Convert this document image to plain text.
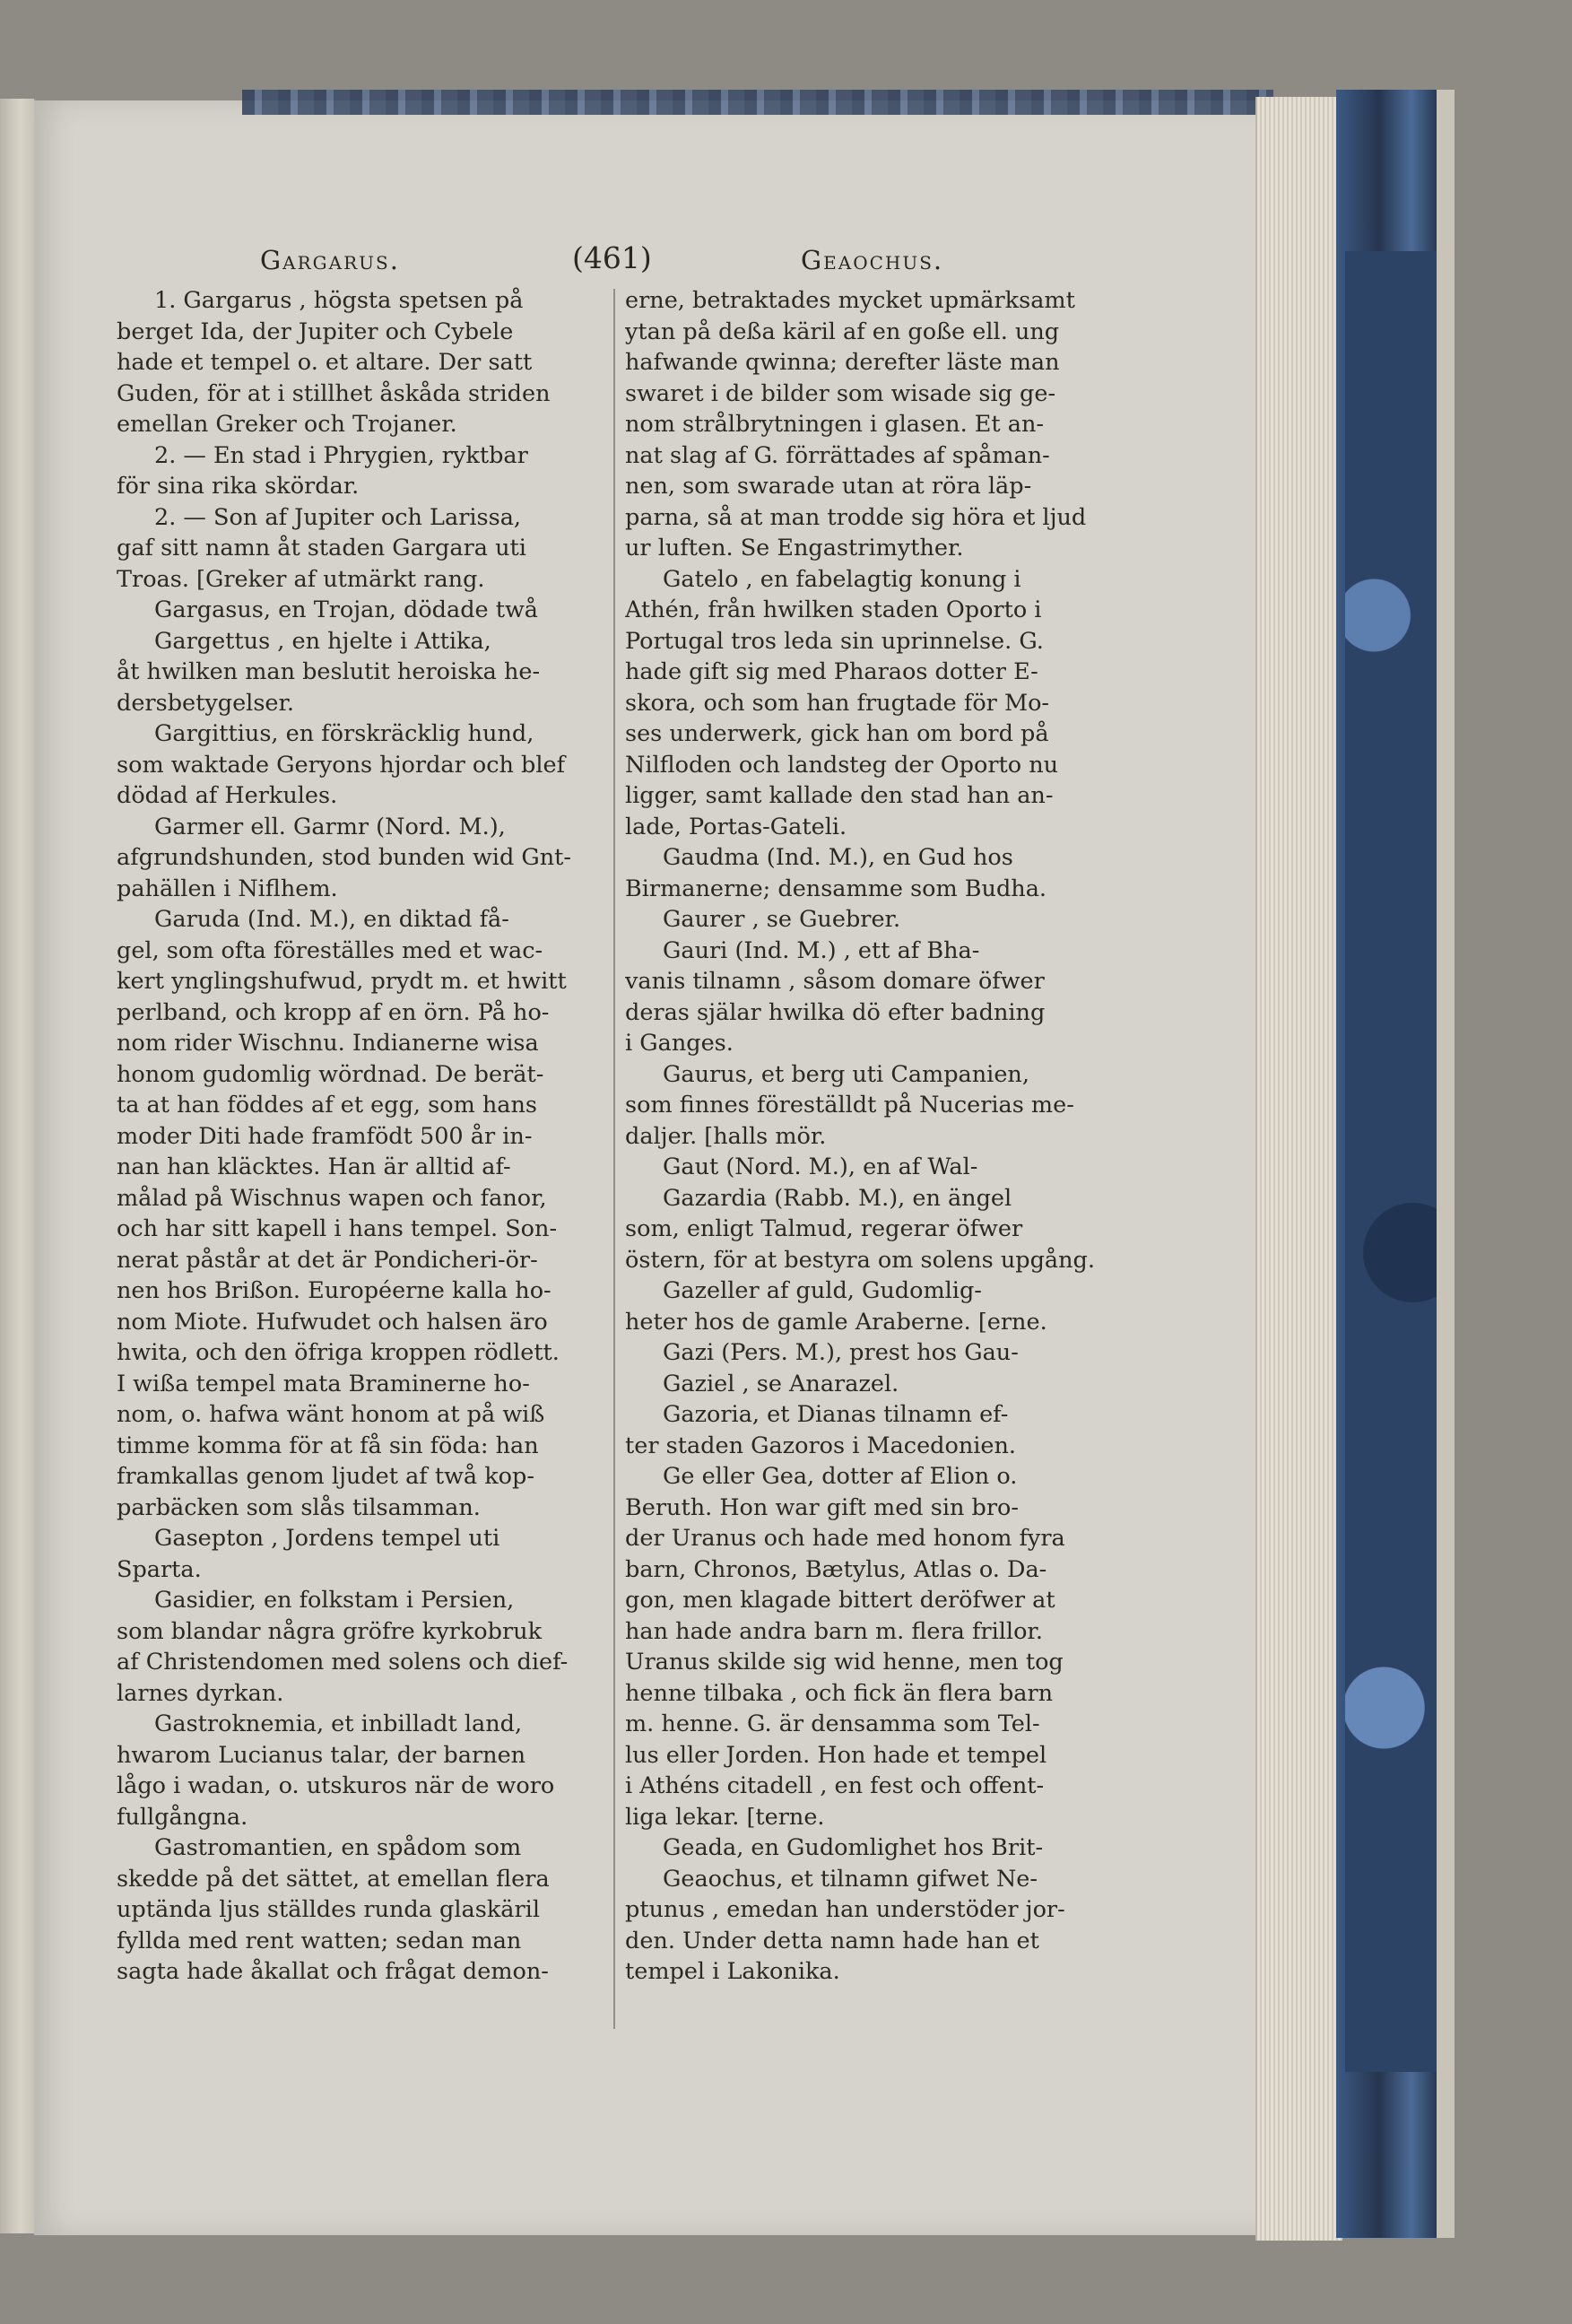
Gargarus.	(461)	Geaochus.
1. Gargarus , högsta spetsen på
berget Ida, der Jupiter och Cybele
hade et tempel o. et altare. Der satt
Guden, för at i stillhet åskåda striden
emellan Greker och Trojaner.
2. — En stad i Phrygien, ryktbar
för sina rika skördar.
2. — Son af Jupiter och Larissa,
gaf sitt namn åt staden Gargara uti
Troas. [Greker af utmärkt rang.
Gargasus, en Trojan, dödade twå
Gargettus , en hjelte i Attika,
åt hwilken man beslutit heroiska he-
dersbetygelser.
Gargittius, en förskräcklig hund,
som waktade Geryons hjordar och blef
dödad af Herkules.
Garmer ell. Garmr (Nord. M.),
afgrundshunden, stod bunden wid Gnt-
pahällen i Niflhem.
Garuda (Ind. M.), en diktad få-
gel, som ofta föreställes med et wac-
kert ynglingshufwud, prydt m. et hwitt
perlband, och kropp af en örn. På ho-
nom rider Wischnu. Indianerne wisa
honom gudomlig wördnad. De berät-
ta at han föddes af et egg, som hans
moder Diti hade framfödt 500 år in-
nan han kläcktes. Han är alltid af-
målad på Wischnus wapen och fanor,
och har sitt kapell i hans tempel. Son-
nerat påstår at det är Pondicheri-ör-
nen hos Brißon. Européerne kalla ho-
nom Miote. Hufwudet och halsen äro
hwita, och den öfriga kroppen rödlett.
I wißa tempel mata Braminerne ho-
nom, o. hafwa wänt honom at på wiß
timme komma för at få sin föda: han
framkallas genom ljudet af twå kop-
parbäcken som slås tilsamman.
Gasepton , Jordens tempel uti
Sparta.
Gasidier, en folkstam i Persien,
som blandar några gröfre kyrkobruk
af Christendomen med solens och dief-
larnes dyrkan.
Gastroknemia, et inbilladt land,
hwarom Lucianus talar, der barnen
lågo i wadan, o. utskuros när de woro
fullgångna.
Gastromantien, en spådom som
skedde på det sättet, at emellan flera
uptända ljus ställdes runda glaskäril
fyllda med rent watten; sedan man
sagta hade åkallat och frågat demon-
erne, betraktades mycket upmärksamt
ytan på deßa käril af en goße ell. ung
hafwande qwinna; derefter läste man
swaret i de bilder som wisade sig ge-
nom strålbrytningen i glasen. Et an-
nat slag af G. förrättades af spåman-
nen, som swarade utan at röra läp-
parna, så at man trodde sig höra et ljud
ur luften. Se Engastrimyther.
Gatelo , en fabelagtig konung i
Athén, från hwilken staden Oporto i
Portugal tros leda sin uprinnelse. G.
hade gift sig med Pharaos dotter E-
skora, och som han frugtade för Mo-
ses underwerk, gick han om bord på
Nilfloden och landsteg der Oporto nu
ligger, samt kallade den stad han an-
lade, Portas-Gateli.
Gaudma (Ind. M.), en Gud hos
Birmanerne; densamme som Budha.
Gaurer , se Guebrer.
Gauri (Ind. M.) , ett af Bha-
vanis tilnamn , såsom domare öfwer
deras själar hwilka dö efter badning
i Ganges.
Gaurus, et berg uti Campanien,
som finnes föreställdt på Nucerias me-
daljer. [halls mör.
Gaut (Nord. M.), en af Wal-
Gazardia (Rabb. M.), en ängel
som, enligt Talmud, regerar öfwer
östern, för at bestyra om solens upgång.
Gazeller af guld, Gudomlig-
heter hos de gamle Araberne. [erne.
Gazi (Pers. M.), prest hos Gau-
Gaziel , se Anarazel.
Gazoria, et Dianas tilnamn ef-
ter staden Gazoros i Macedonien.
Ge eller Gea, dotter af Elion o.
Beruth. Hon war gift med sin bro-
der Uranus och hade med honom fyra
barn, Chronos, Bætylus, Atlas o. Da-
gon, men klagade bittert deröfwer at
han hade andra barn m. flera frillor.
Uranus skilde sig wid henne, men tog
henne tilbaka , och fick än flera barn
m. henne. G. är densamma som Tel-
lus eller Jorden. Hon hade et tempel
i Athéns citadell , en fest och offent-
liga lekar. [terne.
Geada, en Gudomlighet hos Brit-
Geaochus, et tilnamn gifwet Ne-
ptunus , emedan han understöder jor-
den. Under detta namn hade han et
tempel i Lakonika.
